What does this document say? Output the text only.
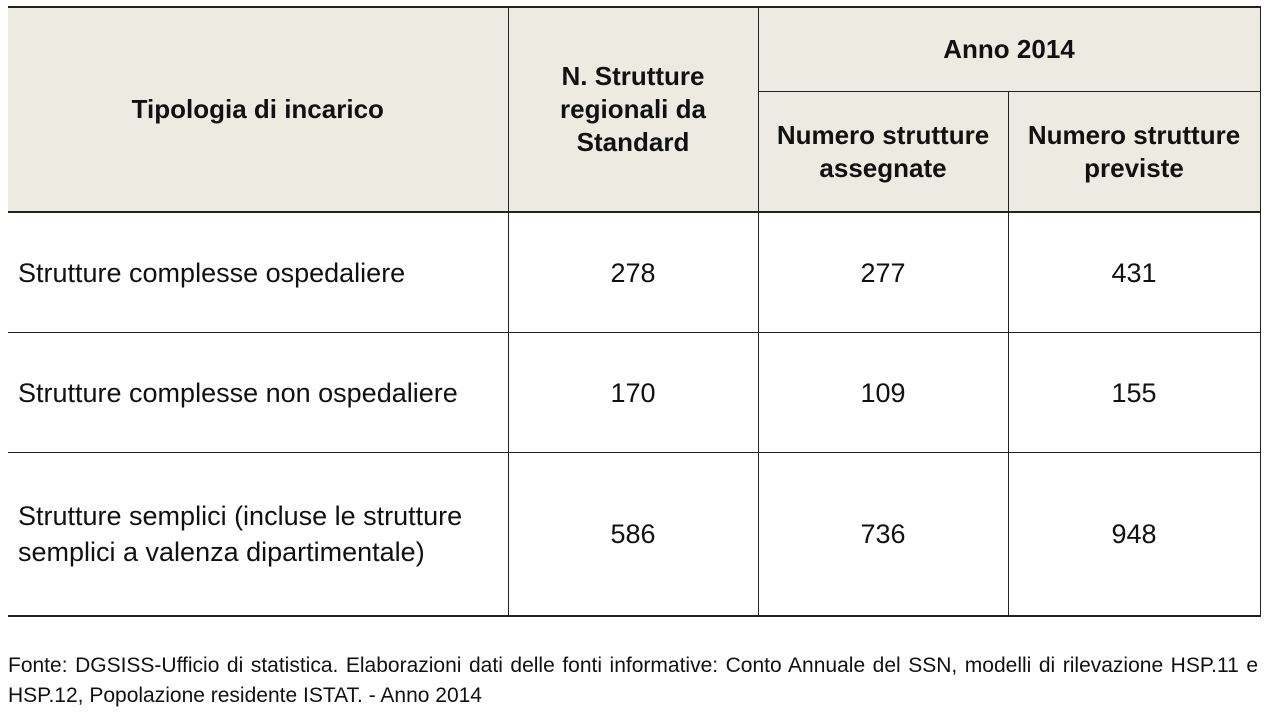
Tipologia di incarico	N. Strutture regionali da Standard	Anno 2014	
		Numero strutture assegnate	Numero strutture previste
Strutture complesse ospedaliere	278	277	431
Strutture complesse non ospedaliere	170	109	155
Strutture semplici (incluse le strutture semplici a valenza dipartimentale)	586	736	948

Fonte: DGSISS-Ufficio di statistica. Elaborazioni dati delle fonti informative: Conto Annuale del SSN, modelli di rilevazione HSP.11 e HSP.12, Popolazione residente ISTAT. - Anno 2014
